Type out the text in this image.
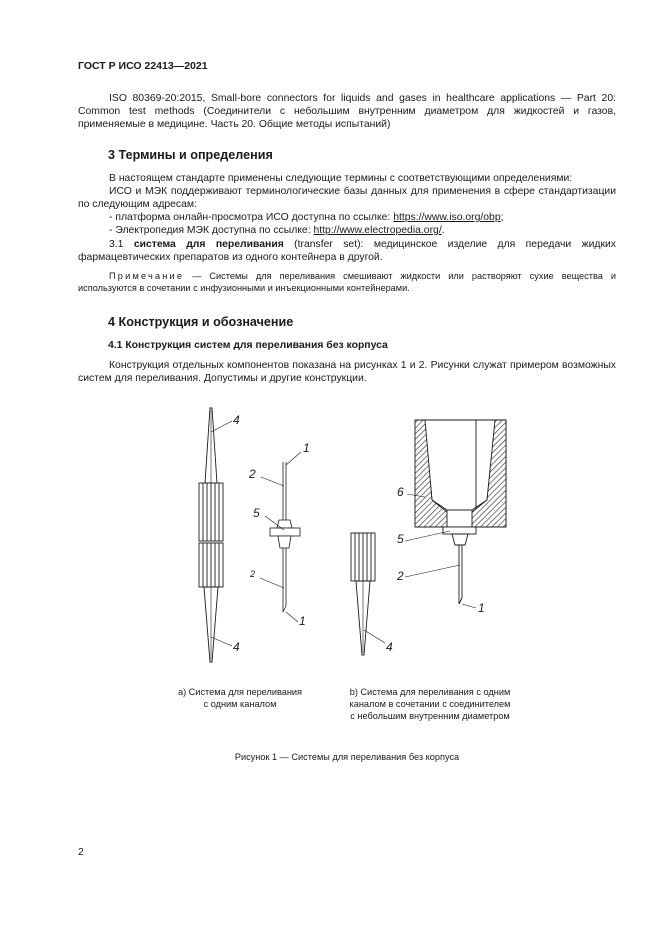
ГОСТ Р ИСО 22413—2021
ISO 80369-20:2015, Small-bore connectors for liquids and gases in healthcare applications — Part 20: Common test methods (Соединители с небольшим внутренним диаметром для жидкостей и газов, применяемые в медицине. Часть 20. Общие методы испытаний)
3 Термины и определения
В настоящем стандарте применены следующие термины с соответствующими определениями:
ИСО и МЭК поддерживают терминологические базы данных для применения в сфере стандартизации по следующим адресам:
- платформа онлайн-просмотра ИСО доступна по ссылке: https://www.iso.org/obp;
- Электропедия МЭК доступна по ссылке: http://www.electropedia.org/.
3.1 система для переливания (transfer set): медицинское изделие для передачи жидких фармацевтических препаратов из одного контейнера в другой.
Примечание — Системы для переливания смешивают жидкости или растворяют сухие вещества и используются в сочетании с инфузионными и инъекционными контейнерами.
4 Конструкция и обозначение
4.1 Конструкция систем для переливания без корпуса
Конструкция отдельных компонентов показана на рисунках 1 и 2. Рисунки служат примером возможных систем для переливания. Допустимы и другие конструкции.
4
4
1
2
5
2
1
4
6
5
2
1
a) Система для переливания
с одним каналом
b) Система для переливания с одним
каналом в сочетании с соединителем
с небольшим внутренним диаметром
Рисунок 1 — Системы для переливания без корпуса
2
